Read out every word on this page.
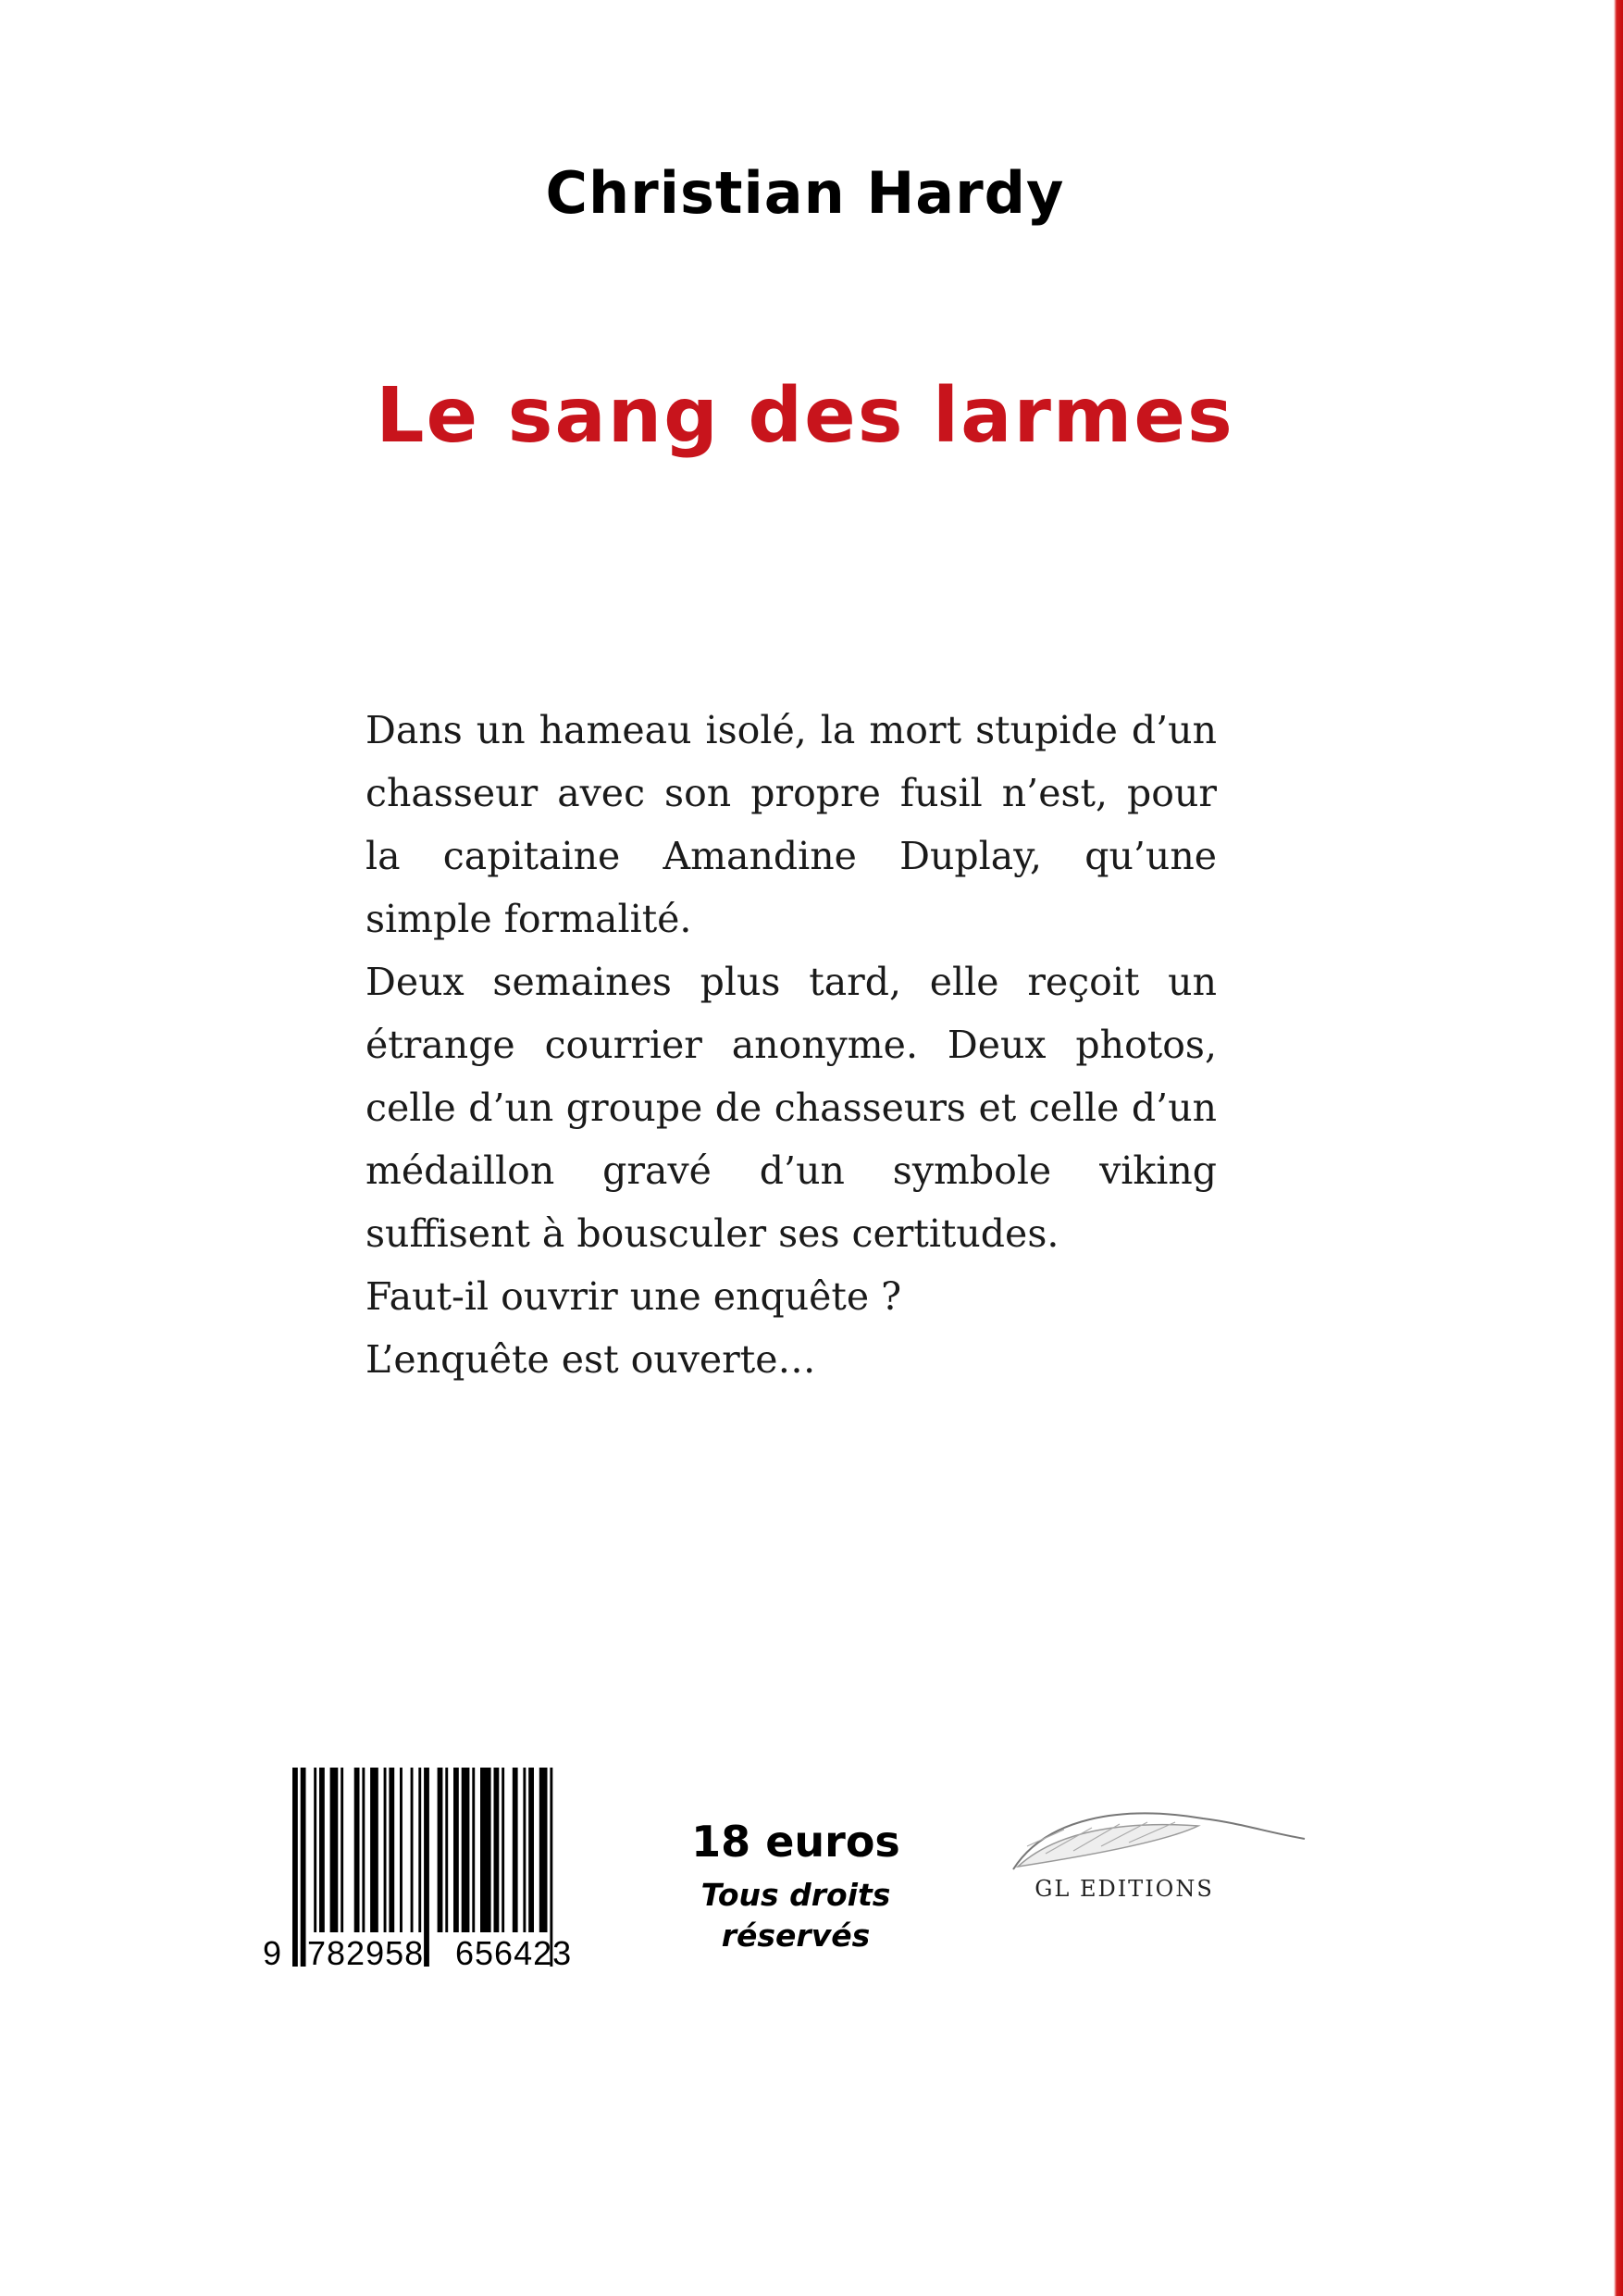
Christian Hardy
Le sang des larmes

Dans un hameau isolé, la mort stupide d’un chasseur avec son propre fusil n’est, pour la capitaine Amandine Duplay, qu’une simple formalité.

Deux semaines plus tard, elle reçoit un étrange courrier anonyme. Deux photos, celle d’un groupe de chasseurs et celle d’un médaillon gravé d’un symbole viking suffisent à bousculer ses certitudes.

Faut-il ouvrir une enquête ?

L’enquête est ouverte…

9 782958 656423
18 euros
Tous droits réservés
GL EDITIONS
